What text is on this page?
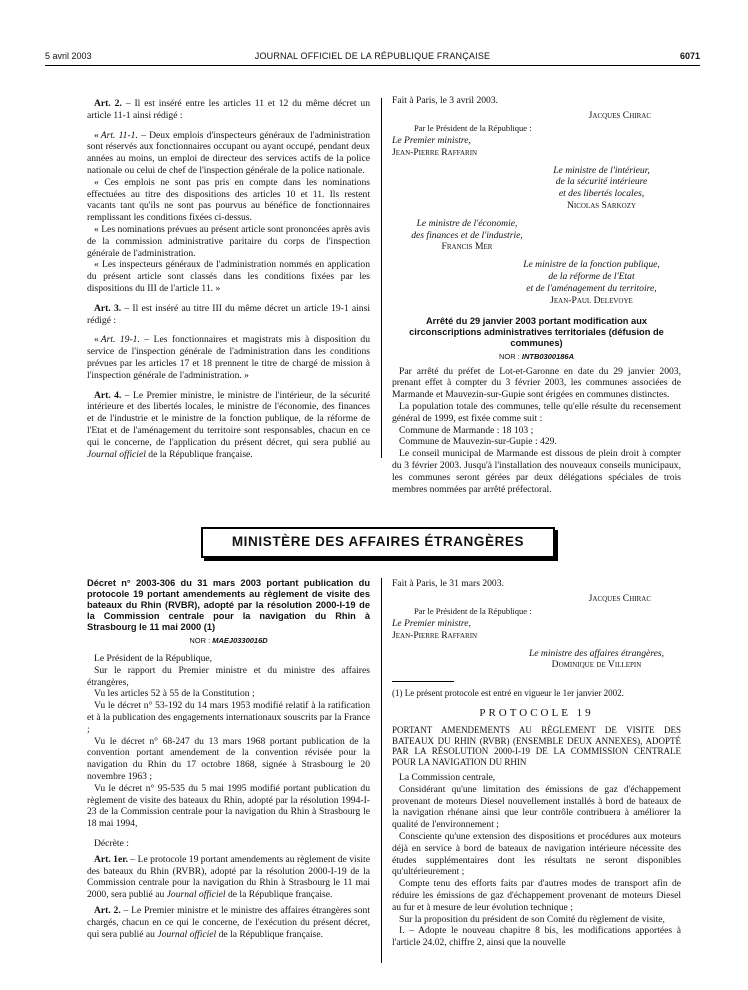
5 avril 2003	JOURNAL OFFICIEL DE LA RÉPUBLIQUE FRANÇAISE	6071

Art. 2. – Il est inséré entre les articles 11 et 12 du même décret un article 11-1 ainsi rédigé :

« Art. 11-1. – Deux emplois d'inspecteurs généraux de l'administration sont réservés aux fonctionnaires occupant ou ayant occupé, pendant deux années au moins, un emploi de directeur des services actifs de la police nationale ou celui de chef de l'inspection générale de la police nationale.

« Ces emplois ne sont pas pris en compte dans les nominations effectuées au titre des dispositions des articles 10 et 11. Ils restent vacants tant qu'ils ne sont pas pourvus au bénéfice de fonctionnaires remplissant les conditions fixées ci-dessus.

« Les nominations prévues au présent article sont prononcées après avis de la commission administrative paritaire du corps de l'inspection générale de l'administration.

« Les inspecteurs généraux de l'administration nommés en application du présent article sont classés dans les conditions fixées par les dispositions du III de l'article 11. »

Art. 3. – Il est inséré au titre III du même décret un article 19-1 ainsi rédigé :

« Art. 19-1. – Les fonctionnaires et magistrats mis à disposition du service de l'inspection générale de l'administration dans les conditions prévues par les articles 17 et 18 prennent le titre de chargé de mission à l'inspection générale de l'administration. »

Art. 4. – Le Premier ministre, le ministre de l'intérieur, de la sécurité intérieure et des libertés locales, le ministre de l'économie, des finances et de l'industrie et le ministre de la fonction publique, de la réforme de l'Etat et de l'aménagement du territoire sont responsables, chacun en ce qui le concerne, de l'application du présent décret, qui sera publié au Journal officiel de la République française.

Fait à Paris, le 3 avril 2003.

Jacques Chirac

Par le Président de la République :

Le Premier ministre,

Jean-Pierre Raffarin

Le ministre de l'intérieur,

de la sécurité intérieure

et des libertés locales,

Nicolas Sarkozy

Le ministre de l'économie,

des finances et de l'industrie,

Francis Mer

Le ministre de la fonction publique,

de la réforme de l'Etat

et de l'aménagement du territoire,

Jean-Paul Delevoye

Arrêté du 29 janvier 2003 portant modification aux circonscriptions administratives territoriales (défusion de communes)

NOR : INTB0300186A

Par arrêté du préfet de Lot-et-Garonne en date du 29 janvier 2003, prenant effet à compter du 3 février 2003, les communes associées de Marmande et Mauvezin-sur-Gupie sont érigées en communes distinctes.

La population totale des communes, telle qu'elle résulte du recensement général de 1999, est fixée comme suit :

Commune de Marmande : 18 103 ;

Commune de Mauvezin-sur-Gupie : 429.

Le conseil municipal de Marmande est dissous de plein droit à compter du 3 février 2003. Jusqu'à l'installation des nouveaux conseils municipaux, les communes seront gérées par deux délégations spéciales de trois membres nommées par arrêté préfectoral.

MINISTÈRE DES AFFAIRES ÉTRANGÈRES

Décret n° 2003-306 du 31 mars 2003 portant publication du protocole 19 portant amendements au règlement de visite des bateaux du Rhin (RVBR), adopté par la résolution 2000-I-19 de la Commission centrale pour la navigation du Rhin à Strasbourg le 11 mai 2000 (1)

NOR : MAEJ0330016D

Le Président de la République,

Sur le rapport du Premier ministre et du ministre des affaires étrangères,

Vu les articles 52 à 55 de la Constitution ;

Vu le décret n° 53-192 du 14 mars 1953 modifié relatif à la ratification et à la publication des engagements internationaux souscrits par la France ;

Vu le décret n° 68-247 du 13 mars 1968 portant publication de la convention portant amendement de la convention révisée pour la navigation du Rhin du 17 octobre 1868, signée à Strasbourg le 20 novembre 1963 ;

Vu le décret n° 95-535 du 5 mai 1995 modifié portant publication du règlement de visite des bateaux du Rhin, adopté par la résolution 1994-I-23 de la Commission centrale pour la navigation du Rhin à Strasbourg le 18 mai 1994,

Décrète :

Art. 1er. – Le protocole 19 portant amendements au règlement de visite des bateaux du Rhin (RVBR), adopté par la résolution 2000-I-19 de la Commission centrale pour la navigation du Rhin à Strasbourg le 11 mai 2000, sera publié au Journal officiel de la République française.

Art. 2. – Le Premier ministre et le ministre des affaires étrangères sont chargés, chacun en ce qui le concerne, de l'exécution du présent décret, qui sera publié au Journal officiel de la République française.

Fait à Paris, le 31 mars 2003.

Jacques Chirac

Par le Président de la République :

Le Premier ministre,

Jean-Pierre Raffarin

Le ministre des affaires étrangères,

Dominique de Villepin

(1) Le présent protocole est entré en vigueur le 1er janvier 2002.

PROTOCOLE 19

PORTANT AMENDEMENTS AU RÈGLEMENT DE VISITE DES BATEAUX DU RHIN (RVBR) (ENSEMBLE DEUX ANNEXES), ADOPTÉ PAR LA RÉSOLUTION 2000-I-19 DE LA COMMISSION CENTRALE POUR LA NAVIGATION DU RHIN

La Commission centrale,

Considérant qu'une limitation des émissions de gaz d'échappement provenant de moteurs Diesel nouvellement installés à bord de bateaux de la navigation rhénane ainsi que leur contrôle contribuera à améliorer la qualité de l'environnement ;

Consciente qu'une extension des dispositions et procédures aux moteurs déjà en service à bord de bateaux de navigation intérieure nécessite des études supplémentaires dont les résultats ne seront disponibles qu'ultérieurement ;

Compte tenu des efforts faits par d'autres modes de transport afin de réduire les émissions de gaz d'échappement provenant de moteurs Diesel au fur et à mesure de leur évolution technique ;

Sur la proposition du président de son Comité du règlement de visite,

I. – Adopte le nouveau chapitre 8 bis, les modifications apportées à l'article 24.02, chiffre 2, ainsi que la nouvelle
